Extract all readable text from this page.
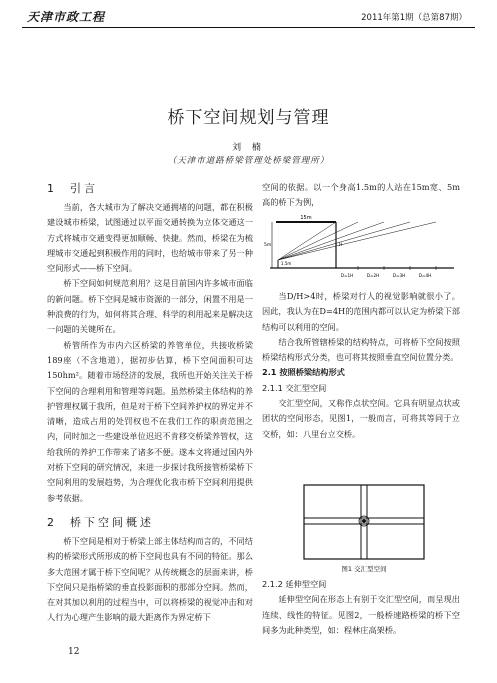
天津市政工程	2011年第1期（总第87期）
桥下空间规划与管理
刘 楠
（天津市道路桥梁管理处桥梁管理所）
1 引言

当前，各大城市为了解决交通拥堵的问题，都在积极建设城市桥梁，试图通过以平面交通转换为立体交通这一方式将城市交通变得更加顺畅、快捷。然而，桥梁在为梳理城市交通起到积极作用的同时，也给城市带来了另一种空间形式——桥下空间。

桥下空间如何规范利用？这是目前国内许多城市面临的新问题。桥下空间是城市资源的一部分，闲置不用是一种浪费的行为，如何将其合理、科学的利用起来是解决这一问题的关键所在。

桥管所作为市内六区桥梁的养管单位，共接收桥梁189座（不含地道），据初步估算，桥下空间面积可达150hm²。随着市场经济的发展，我所也开始关注关于桥下空间的合理利用和管理等问题。虽然桥梁主体结构的养护管理权属于我所，但是对于桥下空间养护权的界定并不清晰，造成占用的处罚权也不在我们工作的职责范围之内，同时加之一些建设单位迟迟不肯移交桥梁养管权，这给我所的养护工作带来了诸多不便。遂本文将通过国内外对桥下空间的研究情况，来进一步探讨我所接管桥梁桥下空间利用的发展趋势，为合理优化我市桥下空间利用提供参考依据。

2 桥下空间概述

桥下空间是相对于桥梁上部主体结构而言的，不同结构的桥梁形式所形成的桥下空间也具有不同的特征。那么多大范围才属于桥下空间呢？从传统概念的层面来讲，桥下空间只是指桥梁的垂直投影面积的那部分空间。然而，在对其加以利用的过程当中，可以将桥梁的视觉冲击和对人行为心理产生影响的最大距离作为界定桥下

空间的依据。以一个身高1.5m的人站在15m宽、5m高的桥下为例，

15m
H
5m
1.5m
D=1H	D=2H	D=3H	D=4H

当D/H>4时，桥梁对行人的视觉影响就很小了。因此，我认为在D=4H的范围内都可以认定为桥梁下部结构可以利用的空间。

结合我所管辖桥梁的结构特点，可将桥下空间按照桥梁结构形式分类，也可将其按照垂直空间位置分类。

2.1 按照桥梁结构形式
2.1.1 交汇型空间

交汇型空间，又称作点状空间。它具有明显点状或团状的空间形态，见图1，一般而言，可将其等同于立交桥，如：八里台立交桥。

图1 交汇型空间
2.1.2 延伸型空间

延伸型空间在形态上有别于交汇型空间，而呈现出连续、线性的特征。见图2，一般桥速路桥梁的桥下空间多为此种类型，如：程林庄高架桥。

12
